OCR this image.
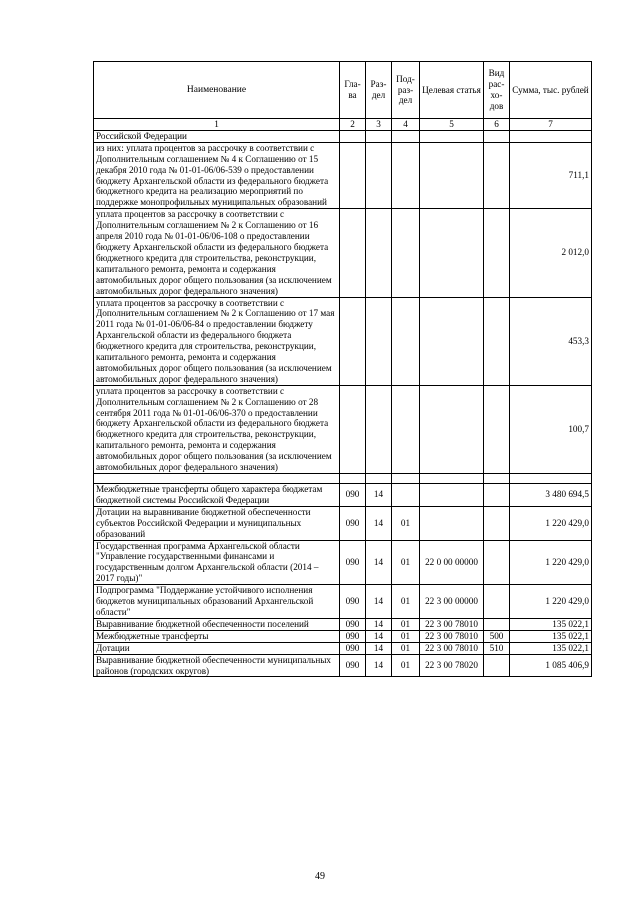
Наименование	Гла-ва	Раз-дел	Под-раз-дел	Целевая статья	Вид рас-хо-дов	Сумма, тыс. рублей
1	2	3	4	5	6	7
Российской Федерации						
из них: уплата процентов за рассрочку в соответствии с Дополнительным соглашением № 4 к Соглашению от 15 декабря 2010 года № 01-01-06/06-539 о предоставлении бюджету Архангельской области из федерального бюджета бюджетного кредита на реализацию мероприятий по поддержке монопрофильных муниципальных образований						711,1
уплата процентов за рассрочку в соответствии с Дополнительным соглашением № 2 к Соглашению от 16 апреля 2010 года № 01-01-06/06-108 о предоставлении бюджету Архангельской области из федерального бюджета бюджетного кредита для строительства, реконструкции, капитального ремонта, ремонта и содержания автомобильных дорог общего пользования (за исключением автомобильных дорог федерального значения)						2 012,0
уплата процентов за рассрочку в соответствии с Дополнительным соглашением № 2 к Соглашению от 17 мая 2011 года № 01-01-06/06-84 о предоставлении бюджету Архангельской области из федерального бюджета бюджетного кредита для строительства, реконструкции, капитального ремонта, ремонта и содержания автомобильных дорог общего пользования (за исключением автомобильных дорог федерального значения)						453,3
уплата процентов за рассрочку в соответствии с Дополнительным соглашением № 2 к Соглашению от 28 сентября 2011 года № 01-01-06/06-370 о предоставлении бюджету Архангельской области из федерального бюджета бюджетного кредита для строительства, реконструкции, капитального ремонта, ремонта и содержания автомобильных дорог общего пользования (за исключением автомобильных дорог федерального значения)						100,7

Межбюджетные трансферты общего характера бюджетам бюджетной системы Российской Федерации	090	14				3 480 694,5
Дотации на выравнивание бюджетной обеспеченности субъектов Российской Федерации и муниципальных образований	090	14	01			1 220 429,0
Государственная программа Архангельской области "Управление государственными финансами и государственным долгом Архангельской области (2014 – 2017 годы)"	090	14	01	22 0 00 00000		1 220 429,0
Подпрограмма "Поддержание устойчивого исполнения бюджетов муниципальных образований Архангельской области"	090	14	01	22 3 00 00000		1 220 429,0
Выравнивание бюджетной обеспеченности поселений	090	14	01	22 3 00 78010		135 022,1
Межбюджетные трансферты	090	14	01	22 3 00 78010	500	135 022,1
Дотации	090	14	01	22 3 00 78010	510	135 022,1
Выравнивание бюджетной обеспеченности муниципальных районов (городских округов)	090	14	01	22 3 00 78020		1 085 406,9
49
